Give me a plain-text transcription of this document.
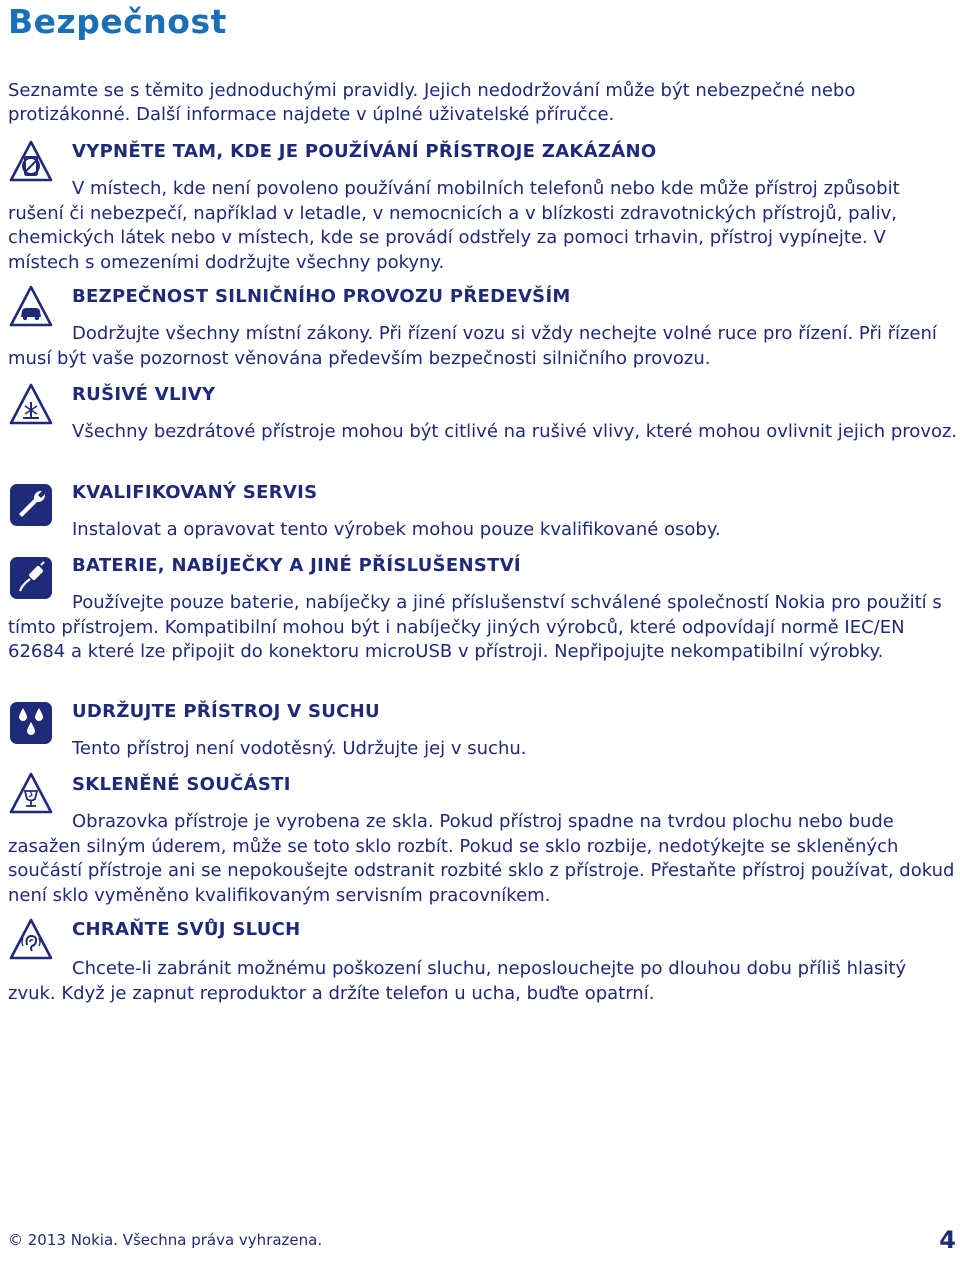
Bezpečnost

Seznamte se s těmito jednoduchými pravidly. Jejich nedodržování může být nebezpečné nebo protizákonné. Další informace najdete v úplné uživatelské příručce.

VYPNĚTE TAM, KDE JE POUŽÍVÁNÍ PŘÍSTROJE ZAKÁZÁNO

V místech, kde není povoleno používání mobilních telefonů nebo kde může přístroj způsobit rušení či nebezpečí, například v letadle, v nemocnicích a v blízkosti zdravotnických přístrojů, paliv, chemických látek nebo v místech, kde se provádí odstřely za pomoci trhavin, přístroj vypínejte. V místech s omezeními dodržujte všechny pokyny.

BEZPEČNOST SILNIČNÍHO PROVOZU PŘEDEVŠÍM

Dodržujte všechny místní zákony. Při řízení vozu si vždy nechejte volné ruce pro řízení. Při řízení musí být vaše pozornost věnována především bezpečnosti silničního provozu.

RUŠIVÉ VLIVY

Všechny bezdrátové přístroje mohou být citlivé na rušivé vlivy, které mohou ovlivnit jejich provoz.

KVALIFIKOVANÝ SERVIS

Instalovat a opravovat tento výrobek mohou pouze kvalifikované osoby.

BATERIE, NABÍJEČKY A JINÉ PŘÍSLUŠENSTVÍ

Používejte pouze baterie, nabíječky a jiné příslušenství schválené společností Nokia pro použití s tímto přístrojem. Kompatibilní mohou být i nabíječky jiných výrobců, které odpovídají normě IEC/EN 62684 a které lze připojit do konektoru microUSB v přístroji. Nepřipojujte nekompatibilní výrobky.

UDRŽUJTE PŘÍSTROJ V SUCHU

Tento přístroj není vodotěsný. Udržujte jej v suchu.

SKLENĚNÉ SOUČÁSTI

Obrazovka přístroje je vyrobena ze skla. Pokud přístroj spadne na tvrdou plochu nebo bude zasažen silným úderem, může se toto sklo rozbít. Pokud se sklo rozbije, nedotýkejte se skleněných součástí přístroje ani se nepokoušejte odstranit rozbité sklo z přístroje. Přestaňte přístroj používat, dokud není sklo vyměněno kvalifikovaným servisním pracovníkem.

CHRAŇTE SVŮJ SLUCH

Chcete-li zabránit možnému poškození sluchu, neposlouchejte po dlouhou dobu příliš hlasitý zvuk. Když je zapnut reproduktor a držíte telefon u ucha, buďte opatrní.

© 2013 Nokia. Všechna práva vyhrazena.	4
